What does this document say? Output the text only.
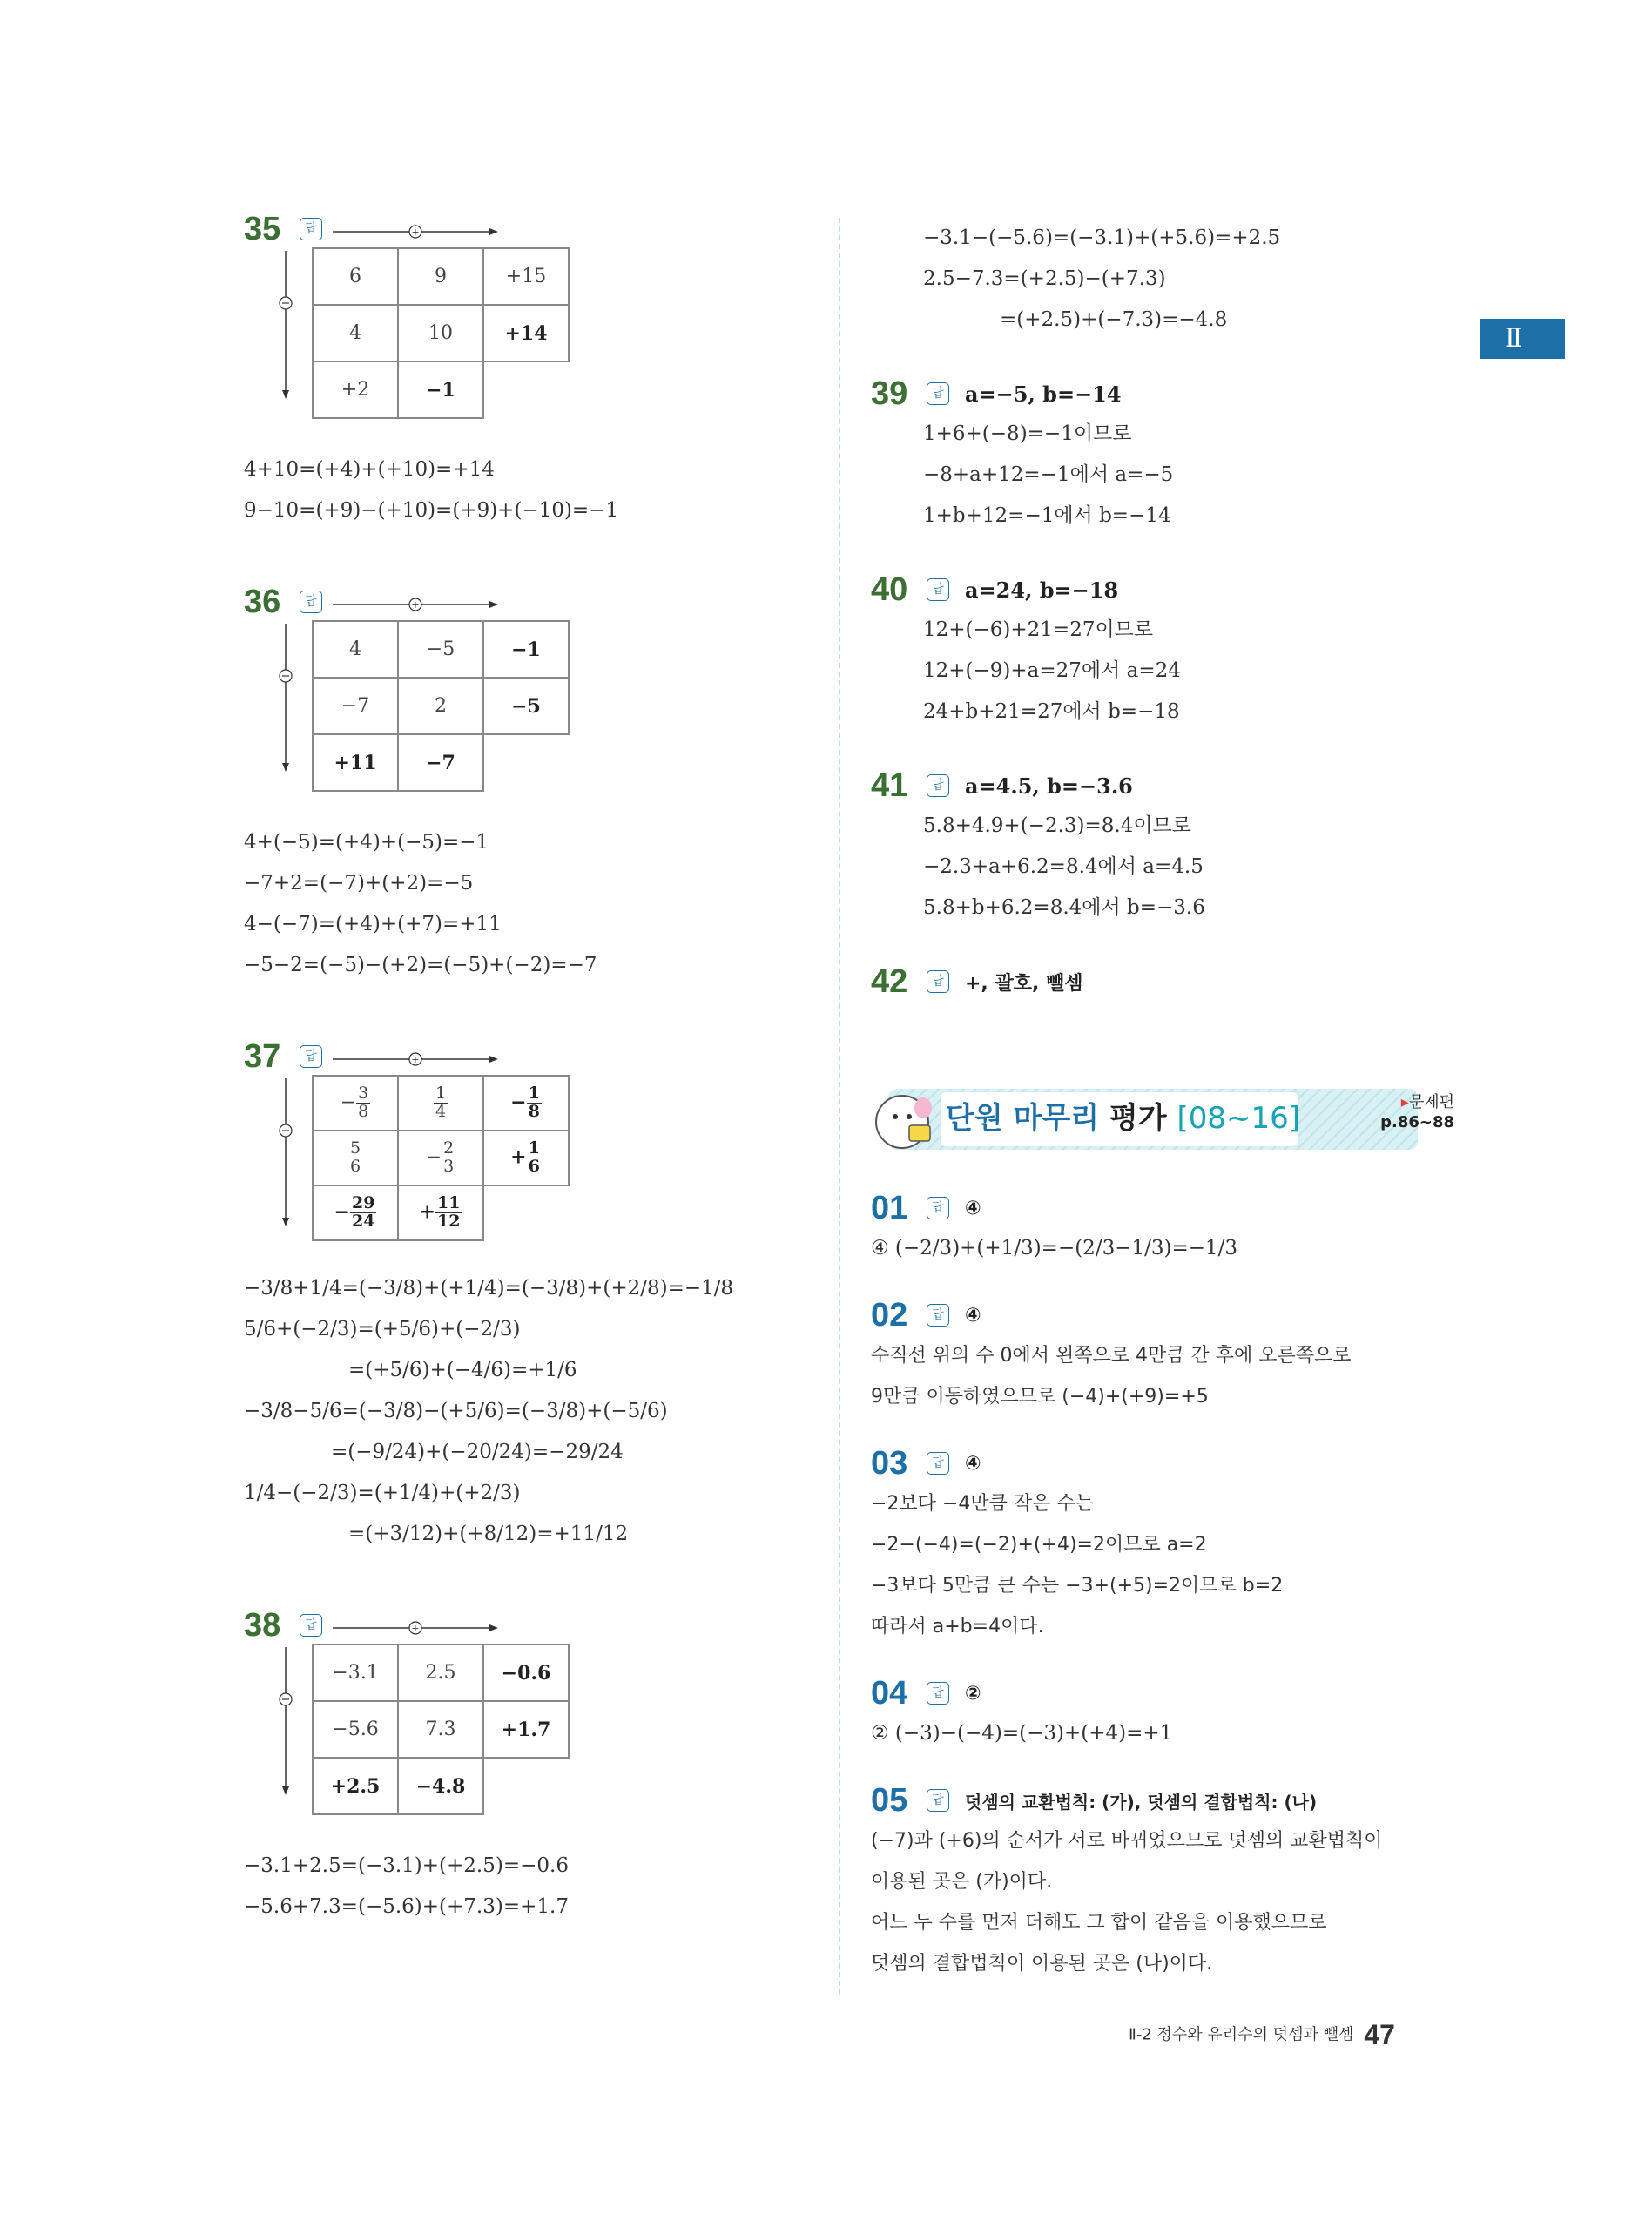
Ⅱ
35	답	+
6	9	+15
4	10	+14
+2	−1	
4+10=(+4)+(+10)=+14
9−10=(+9)−(+10)=(+9)+(−10)=−1
36	답	+
4	−5	−1
−7	2	−5
+11	−7	
4+(−5)=(+4)+(−5)=−1
−7+2=(−7)+(+2)=−5
4−(−7)=(+4)+(+7)=+11
−5−2=(−5)−(+2)=(−5)+(−2)=−7
37	답	+
− $\frac{3}{8}$	$\frac{1}{4}$	− $\frac{1}{8}$

$\frac{5}{6}$	− $\frac{2}{3}$	+ $\frac{1}{6}$

− $\frac{29}{24}$	+ $\frac{11}{12}$

−3/8+1/4=(−3/8)+(+1/4)=(−3/8)+(+2/8)=−1/8
5/6+(−2/3)=(+5/6)+(−2/3)
=(+5/6)+(−4/6)=+1/6
−3/8−5/6=(−3/8)−(+5/6)=(−3/8)+(−5/6)
=(−9/24)+(−20/24)=−29/24
1/4−(−2/3)=(+1/4)+(+2/3)
=(+3/12)+(+8/12)=+11/12
38	답	+
−3.1	2.5	−0.6
−5.6	7.3	+1.7
+2.5	−4.8	
−3.1+2.5=(−3.1)+(+2.5)=−0.6
−5.6+7.3=(−5.6)+(+7.3)=+1.7
−3.1−(−5.6)=(−3.1)+(+5.6)=+2.5
2.5−7.3=(+2.5)−(+7.3)
=(+2.5)+(−7.3)=−4.8
39	답 a=−5, b=−14
1+6+(−8)=−1이므로
−8+a+12=−1에서 a=−5
1+b+12=−1에서 b=−14
40	답 a=24, b=−18
12+(−6)+21=27이므로
12+(−9)+a=27에서 a=24
24+b+21=27에서 b=−18
41	답 a=4.5, b=−3.6
5.8+4.9+(−2.3)=8.4이므로
−2.3+a+6.2=8.4에서 a=4.5
5.8+b+6.2=8.4에서 b=−3.6
42	답 +, 괄호, 뺄셈
단원 마무리 평가 [08~16]	▸문제편
p.86~88
01	답 ④
④ (−2/3)+(+1/3)=−(2/3−1/3)=−1/3
02	답 ④
수직선 위의 수 0에서 왼쪽으로 4만큼 간 후에 오른쪽으로
9만큼 이동하였으므로 (−4)+(+9)=+5
03	답 ④
−2보다 −4만큼 작은 수는
−2−(−4)=(−2)+(+4)=2이므로 a=2
−3보다 5만큼 큰 수는 −3+(+5)=2이므로 b=2
따라서 a+b=4이다.
04	답 ②
② (−3)−(−4)=(−3)+(+4)=+1
05	답	덧셈의 교환법칙: (가), 덧셈의 결합법칙: (나)
(−7)과 (+6)의 순서가 서로 바뀌었으므로 덧셈의 교환법칙이
이용된 곳은 (가)이다.
어느 두 수를 먼저 더해도 그 합이 같음을 이용했으므로
덧셈의 결합법칙이 이용된 곳은 (나)이다.
Ⅱ-2 정수와 유리수의 덧셈과 뺄셈 47
